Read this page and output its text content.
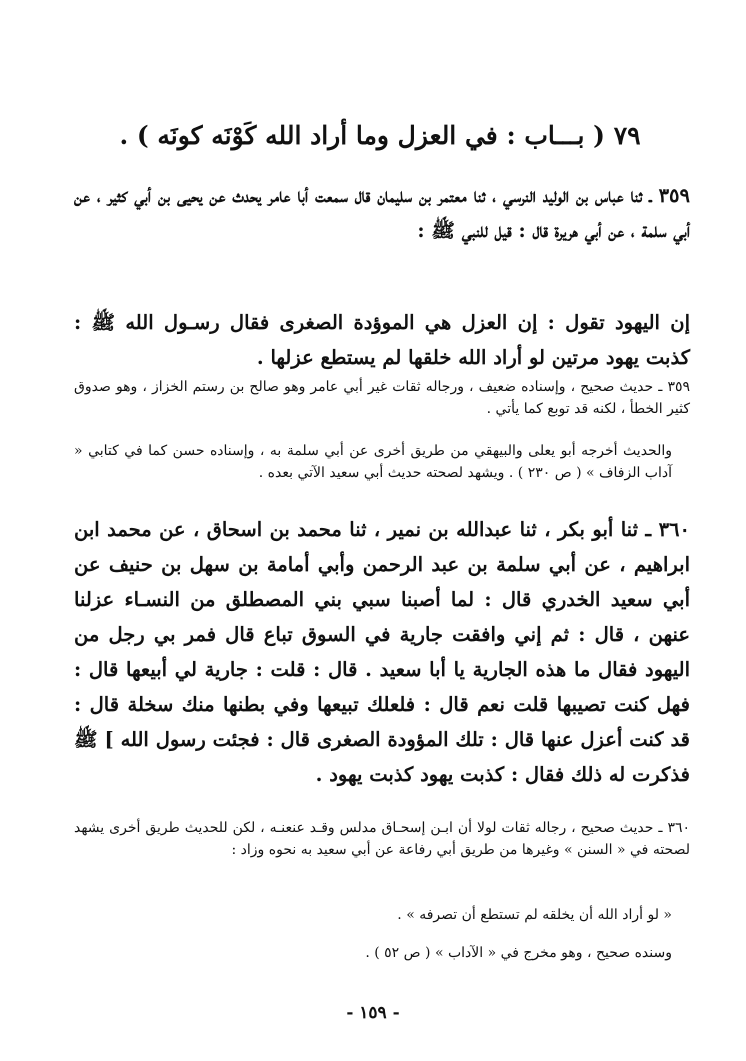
٧٩ ( بـــاب : في العزل وما أراد الله كَوْنَه كونَه ) .

٣٥٩ ـ ثنا عباس بن الوليد النرسي ، ثنا معتمر بن سليمان قال سمعت أبا عامر يحدث عن يحيى بن أبي كثير ، عن أبي سلمة ، عن أبي هريرة قال : قيل للنبي ﷺ :

إن اليهود تقول : إن العزل هي الموؤدة الصغرى فقال رسـول الله ﷺ : كذبت يهود مرتين لو أراد الله خلقها لم يستطع عزلها .

٣٥٩ ـ حديث صحيح ، وإسناده ضعيف ، ورجاله ثقات غير أبي عامر وهو صالح بن رستم الخزاز ، وهو صدوق كثير الخطأ ، لكنه قد توبع كما يأتي .

والحديث أخرجه أبو يعلى والبيهقي من طريق أخرى عن أبي سلمة به ، وإسناده حسن كما في كتابي « آداب الزفاف » ( ص ٢٣٠ ) . ويشهد لصحته حديث أبي سعيد الآتي بعده .

٣٦٠ ـ ثنا أبو بكر ، ثنا عبدالله بن نمير ، ثنا محمد بن اسحاق ، عن محمد ابن ابراهيم ، عن أبي سلمة بن عبد الرحمن وأبي أمامة بن سهل بن حنيف عن أبي سعيد الخدري قال : لما أصبنا سبي بني المصطلق من النسـاء عزلنا عنهن ، قال : ثم إني وافقت جارية في السوق تباع قال فمر بي رجل من اليهود فقال ما هذه الجارية يا أبا سعيد . قال : قلت : جارية لي أبيعها قال : فهل كنت تصيبها قلت نعم قال : فلعلك تبيعها وفي بطنها منك سخلة قال : قد كنت أعزل عنها قال : تلك المؤودة الصغرى قال : فجئت رسول الله ] ﷺ فذكرت له ذلك فقال : كذبت يهود كذبت يهود .

٣٦٠ ـ حديث صحيح ، رجاله ثقات لولا أن ابـن إسحـاق مدلس وقـد عنعنـه ، لكن للحديث طريق أخرى يشهد لصحته في « السنن » وغيرها من طريق أبي رفاعة عن أبي سعيد به نحوه وزاد :

« لو أراد الله أن يخلقه لم تستطع أن تصرفه » .

وسنده صحيح ، وهو مخرج في « الآداب » ( ص ٥٢ ) .

- ١٥٩ -
